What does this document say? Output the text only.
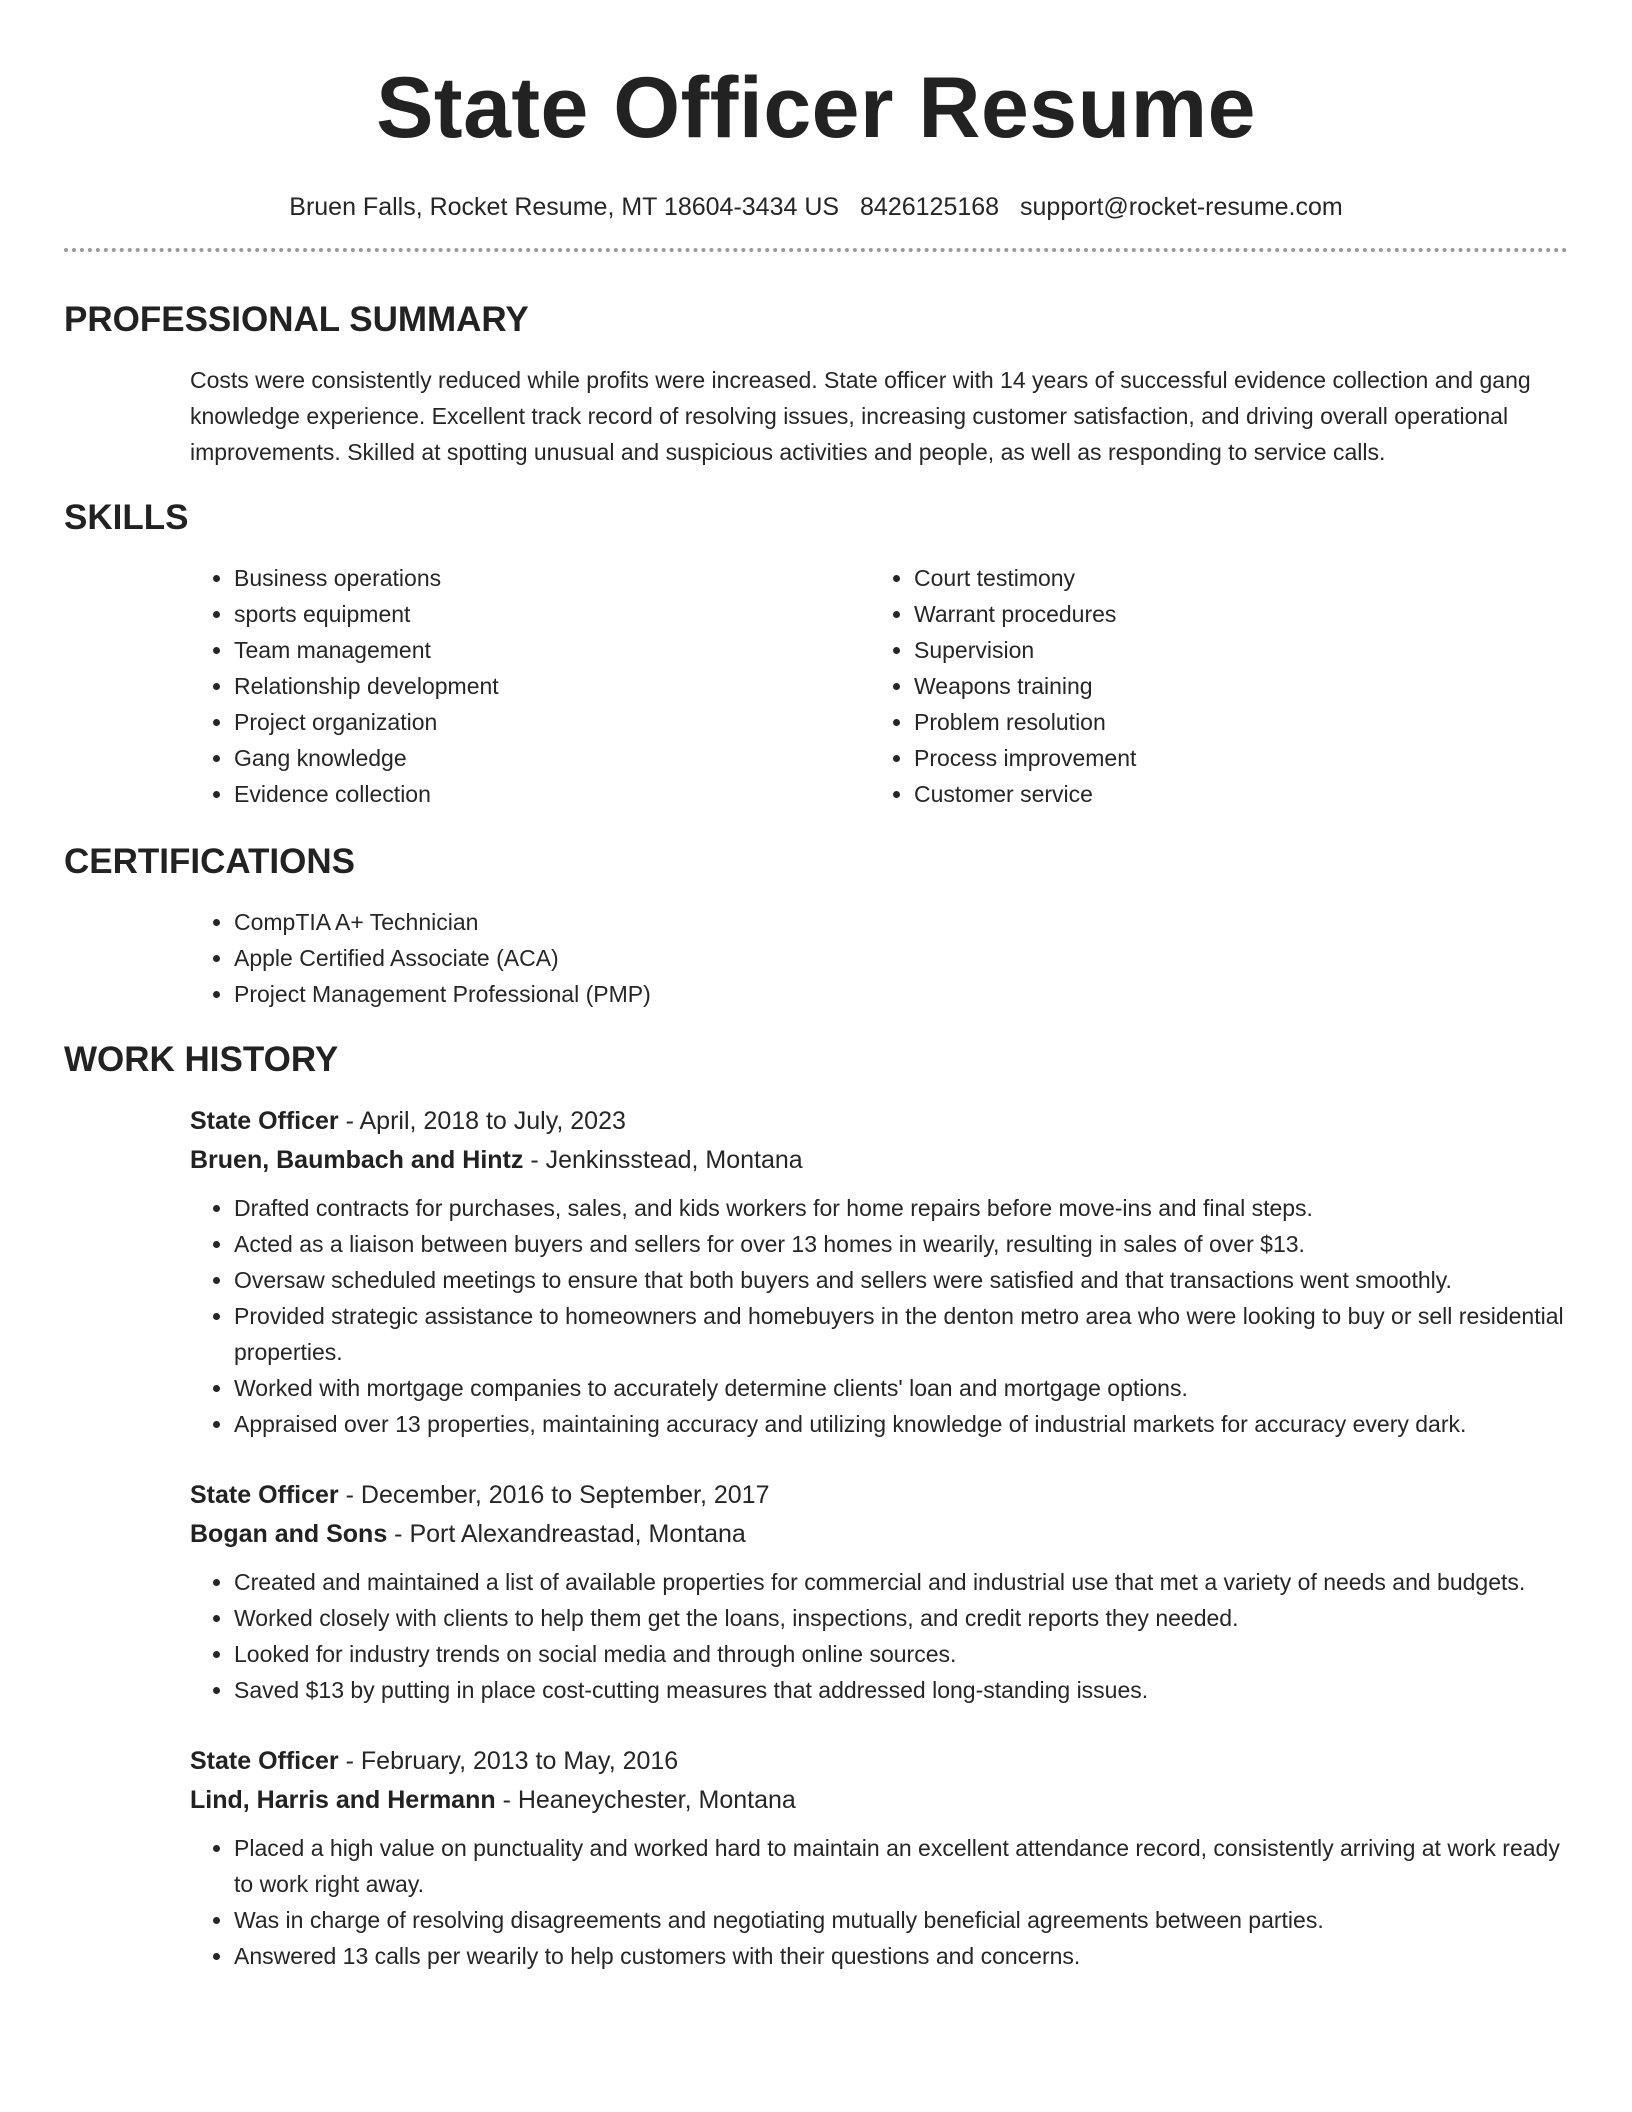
State Officer Resume
Bruen Falls, Rocket Resume, MT 18604-3434 US 8426125168 support@rocket-resume.com
PROFESSIONAL SUMMARY
Costs were consistently reduced while profits were increased. State officer with 14 years of successful evidence collection and gang knowledge experience. Excellent track record of resolving issues, increasing customer satisfaction, and driving overall operational improvements. Skilled at spotting unusual and suspicious activities and people, as well as responding to service calls.
SKILLS
• Business operations
• sports equipment
• Team management
• Relationship development
• Project organization
• Gang knowledge
• Evidence collection
• Court testimony
• Warrant procedures
• Supervision
• Weapons training
• Problem resolution
• Process improvement
• Customer service
CERTIFICATIONS
• CompTIA A+ Technician
• Apple Certified Associate (ACA)
• Project Management Professional (PMP)
WORK HISTORY
State Officer - April, 2018 to July, 2023
Bruen, Baumbach and Hintz - Jenkinsstead, Montana
• Drafted contracts for purchases, sales, and kids workers for home repairs before move-ins and final steps.
• Acted as a liaison between buyers and sellers for over 13 homes in wearily, resulting in sales of over $13.
• Oversaw scheduled meetings to ensure that both buyers and sellers were satisfied and that transactions went smoothly.
• Provided strategic assistance to homeowners and homebuyers in the denton metro area who were looking to buy or sell residential properties.
• Worked with mortgage companies to accurately determine clients' loan and mortgage options.
• Appraised over 13 properties, maintaining accuracy and utilizing knowledge of industrial markets for accuracy every dark.
State Officer - December, 2016 to September, 2017
Bogan and Sons - Port Alexandreastad, Montana
• Created and maintained a list of available properties for commercial and industrial use that met a variety of needs and budgets.
• Worked closely with clients to help them get the loans, inspections, and credit reports they needed.
• Looked for industry trends on social media and through online sources.
• Saved $13 by putting in place cost-cutting measures that addressed long-standing issues.
State Officer - February, 2013 to May, 2016
Lind, Harris and Hermann - Heaneychester, Montana
• Placed a high value on punctuality and worked hard to maintain an excellent attendance record, consistently arriving at work ready to work right away.
• Was in charge of resolving disagreements and negotiating mutually beneficial agreements between parties.
• Answered 13 calls per wearily to help customers with their questions and concerns.
